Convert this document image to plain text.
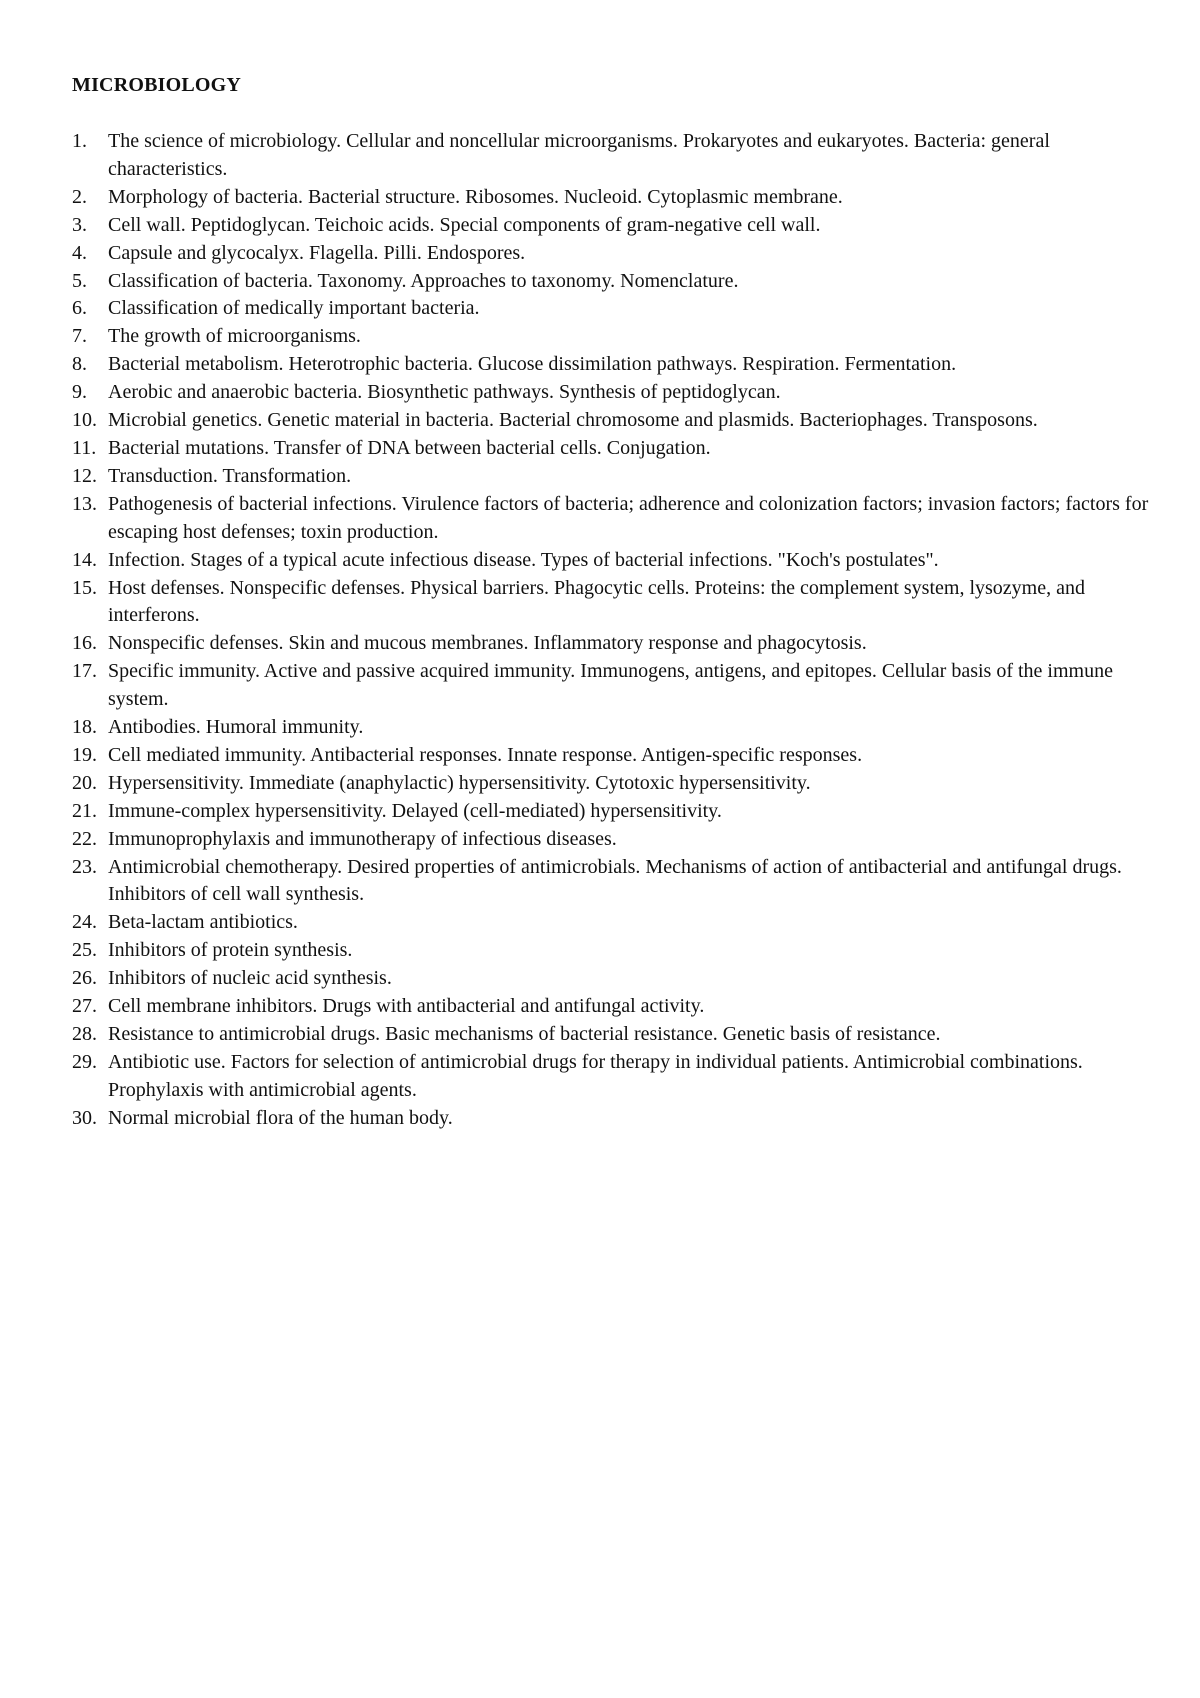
MICROBIOLOGY
1.	The science of microbiology. Cellular and noncellular microorganisms. Prokaryotes and eukaryotes. Bacteria: general characteristics.
2.	Morphology of bacteria. Bacterial structure. Ribosomes. Nucleoid. Cytoplasmic membrane.
3.	Cell wall. Peptidoglycan. Teichoic acids. Special components of gram-negative cell wall.
4.	Capsule and glycocalyx. Flagella. Pilli. Endospores.
5.	Classification of bacteria. Taxonomy. Approaches to taxonomy. Nomenclature.
6.	Classification of medically important bacteria.
7.	The growth of microorganisms.
8.	Bacterial metabolism. Heterotrophic bacteria. Glucose dissimilation pathways. Respiration. Fermentation.
9.	Aerobic and anaerobic bacteria. Biosynthetic pathways. Synthesis of peptidoglycan.
10. Microbial genetics. Genetic material in bacteria. Bacterial chromosome and plasmids. Bacteriophages. Transposons.
11. Bacterial mutations. Transfer of DNA between bacterial cells. Conjugation.
12. Transduction. Transformation.
13. Pathogenesis of bacterial infections. Virulence factors of bacteria; adherence and colonization factors; invasion factors; factors for escaping host defenses; toxin production.
14. Infection. Stages of a typical acute infectious disease. Types of bacterial infections. "Koch's postulates".
15. Host defenses. Nonspecific defenses. Physical barriers. Phagocytic cells. Proteins: the complement system, lysozyme, and interferons.
16. Nonspecific defenses. Skin and mucous membranes. Inflammatory response and phagocytosis.
17. Specific immunity. Active and passive acquired immunity. Immunogens, antigens, and epitopes. Cellular basis of the immune system.
18. Antibodies. Humoral immunity.
19. Cell mediated immunity. Antibacterial responses. Innate response. Antigen-specific responses.
20. Hypersensitivity. Immediate (anaphylactic) hypersensitivity. Cytotoxic hypersensitivity.
21. Immune-complex hypersensitivity. Delayed (cell-mediated) hypersensitivity.
22. Immunoprophylaxis and immunotherapy of infectious diseases.
23. Antimicrobial chemotherapy. Desired properties of antimicrobials. Mechanisms of action of antibacterial and antifungal drugs. Inhibitors of cell wall synthesis.
24. Beta-lactam antibiotics.
25. Inhibitors of protein synthesis.
26. Inhibitors of nucleic acid synthesis.
27. Cell membrane inhibitors. Drugs with antibacterial and antifungal activity.
28. Resistance to antimicrobial drugs. Basic mechanisms of bacterial resistance. Genetic basis of resistance.
29. Antibiotic use. Factors for selection of antimicrobial drugs for therapy in individual patients. Antimicrobial combinations. Prophylaxis with antimicrobial agents.
30. Normal microbial flora of the human body.
